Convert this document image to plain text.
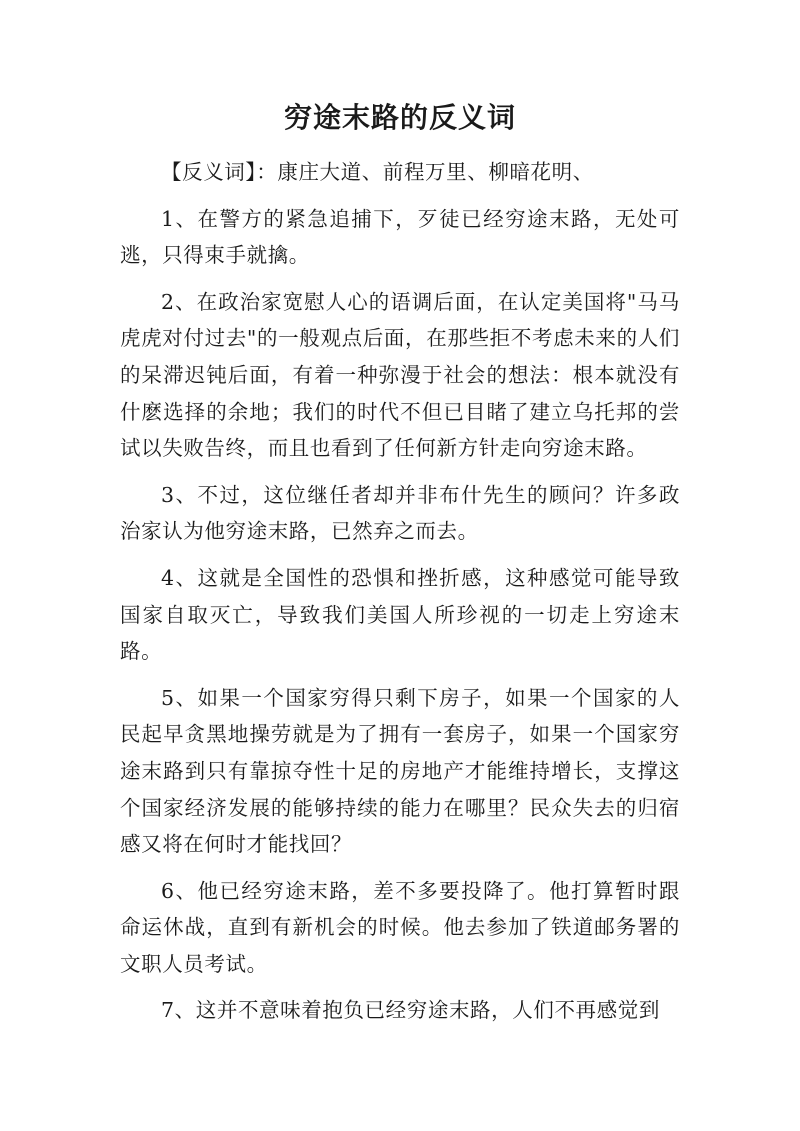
穷途末路的反义词

【反义词】：康庄大道、前程万里、柳暗花明、

1、在警方的紧急追捕下，歹徒已经穷途末路，无处可逃，只得束手就擒。

2、在政治家宽慰人心的语调后面，在认定美国将"马马虎虎对付过去"的一般观点后面，在那些拒不考虑未来的人们的呆滞迟钝后面，有着一种弥漫于社会的想法：根本就没有什麽选择的余地；我们的时代不但已目睹了建立乌托邦的尝试以失败告终，而且也看到了任何新方针走向穷途末路。

3、不过，这位继任者却并非布什先生的顾问？许多政治家认为他穷途末路，已然弃之而去。

4、这就是全国性的恐惧和挫折感，这种感觉可能导致国家自取灭亡，导致我们美国人所珍视的一切走上穷途末路。

5、如果一个国家穷得只剩下房子，如果一个国家的人民起早贪黑地操劳就是为了拥有一套房子，如果一个国家穷途末路到只有靠掠夺性十足的房地产才能维持增长，支撑这个国家经济发展的能够持续的能力在哪里？民众失去的归宿感又将在何时才能找回？

6、他已经穷途末路，差不多要投降了。他打算暂时跟命运休战，直到有新机会的时候。他去参加了铁道邮务署的文职人员考试。

7、这并不意味着抱负已经穷途末路，人们不再感觉到
